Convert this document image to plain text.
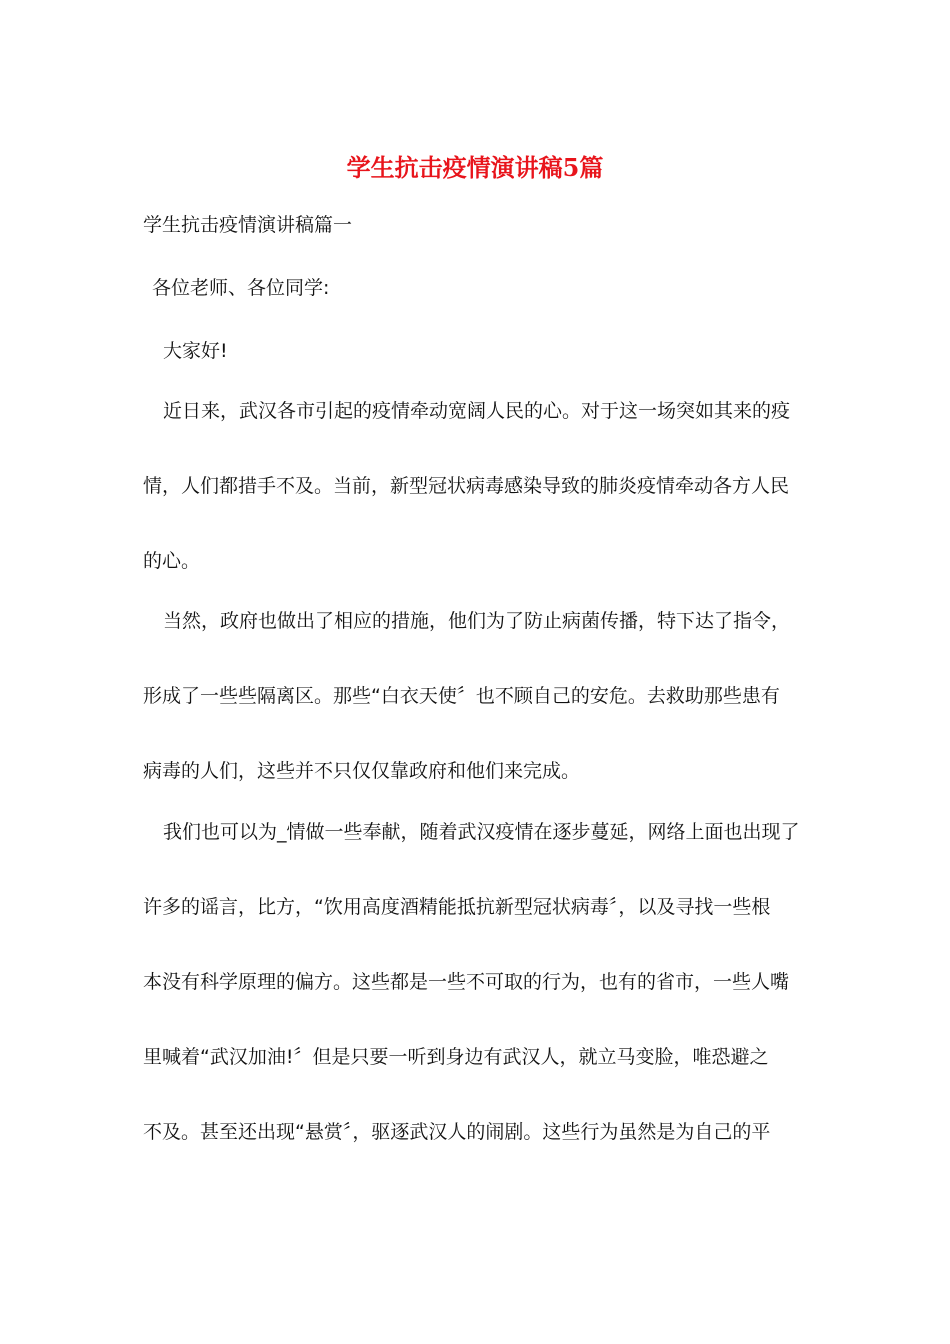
学生抗击疫情演讲稿5篇

学生抗击疫情演讲稿篇一

各位老师、各位同学:

大家好!

近日来，武汉各市引起的疫情牵动宽阔人民的心。对于这一场突如其来的疫
情，人们都措手不及。当前，新型冠状病毒感染导致的肺炎疫情牵动各方人民
的心。
当然，政府也做出了相应的措施，他们为了防止病菌传播，特下达了指令，
形成了一些些隔离区。那些“白衣天使〞也不顾自己的安危。去救助那些患有
病毒的人们，这些并不只仅仅靠政府和他们来完成。
我们也可以为_情做一些奉献，随着武汉疫情在逐步蔓延，网络上面也出现了
许多的谣言，比方，“饮用高度酒精能抵抗新型冠状病毒〞，以及寻找一些根
本没有科学原理的偏方。这些都是一些不可取的行为，也有的省市，一些人嘴
里喊着“武汉加油!〞但是只要一听到身边有武汉人，就立马变脸，唯恐避之
不及。甚至还出现“悬赏〞，驱逐武汉人的闹剧。这些行为虽然是为自己的平
